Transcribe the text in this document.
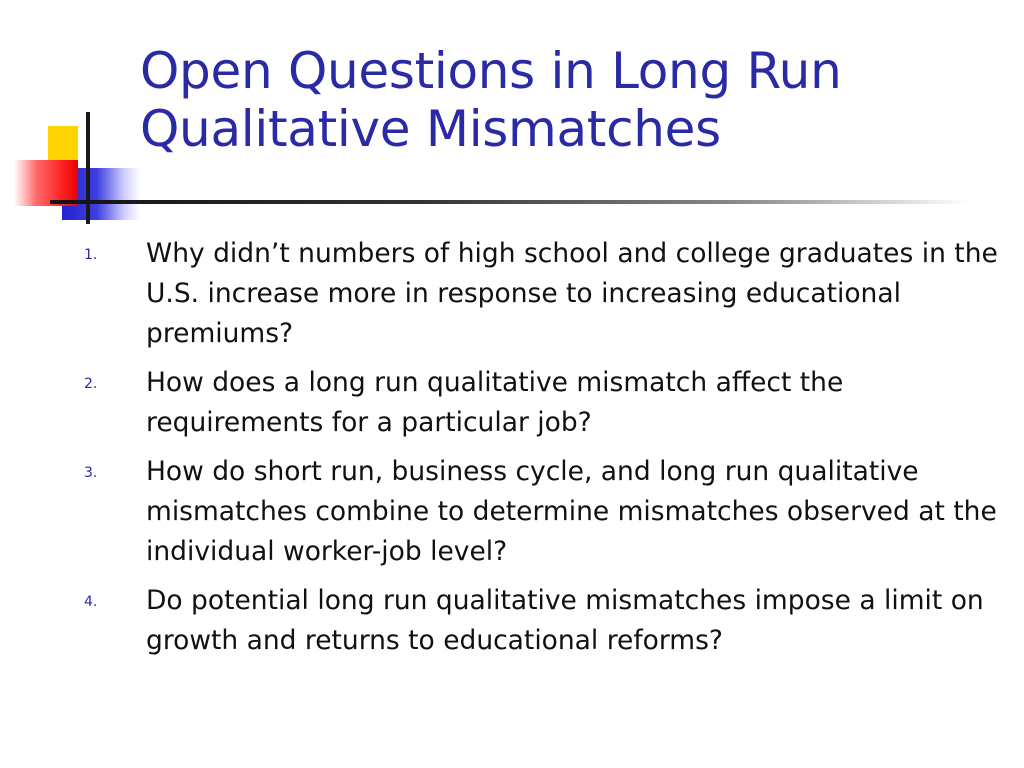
Open Questions in Long Run
Qualitative Mismatches
1. Why didn’t numbers of high school and college graduates in the U.S. increase more in response to increasing educational premiums?
2. How does a long run qualitative mismatch affect the requirements for a particular job?
3. How do short run, business cycle, and long run qualitative mismatches combine to determine mismatches observed at the individual worker-job level?
4. Do potential long run qualitative mismatches impose a limit on growth and returns to educational reforms?
